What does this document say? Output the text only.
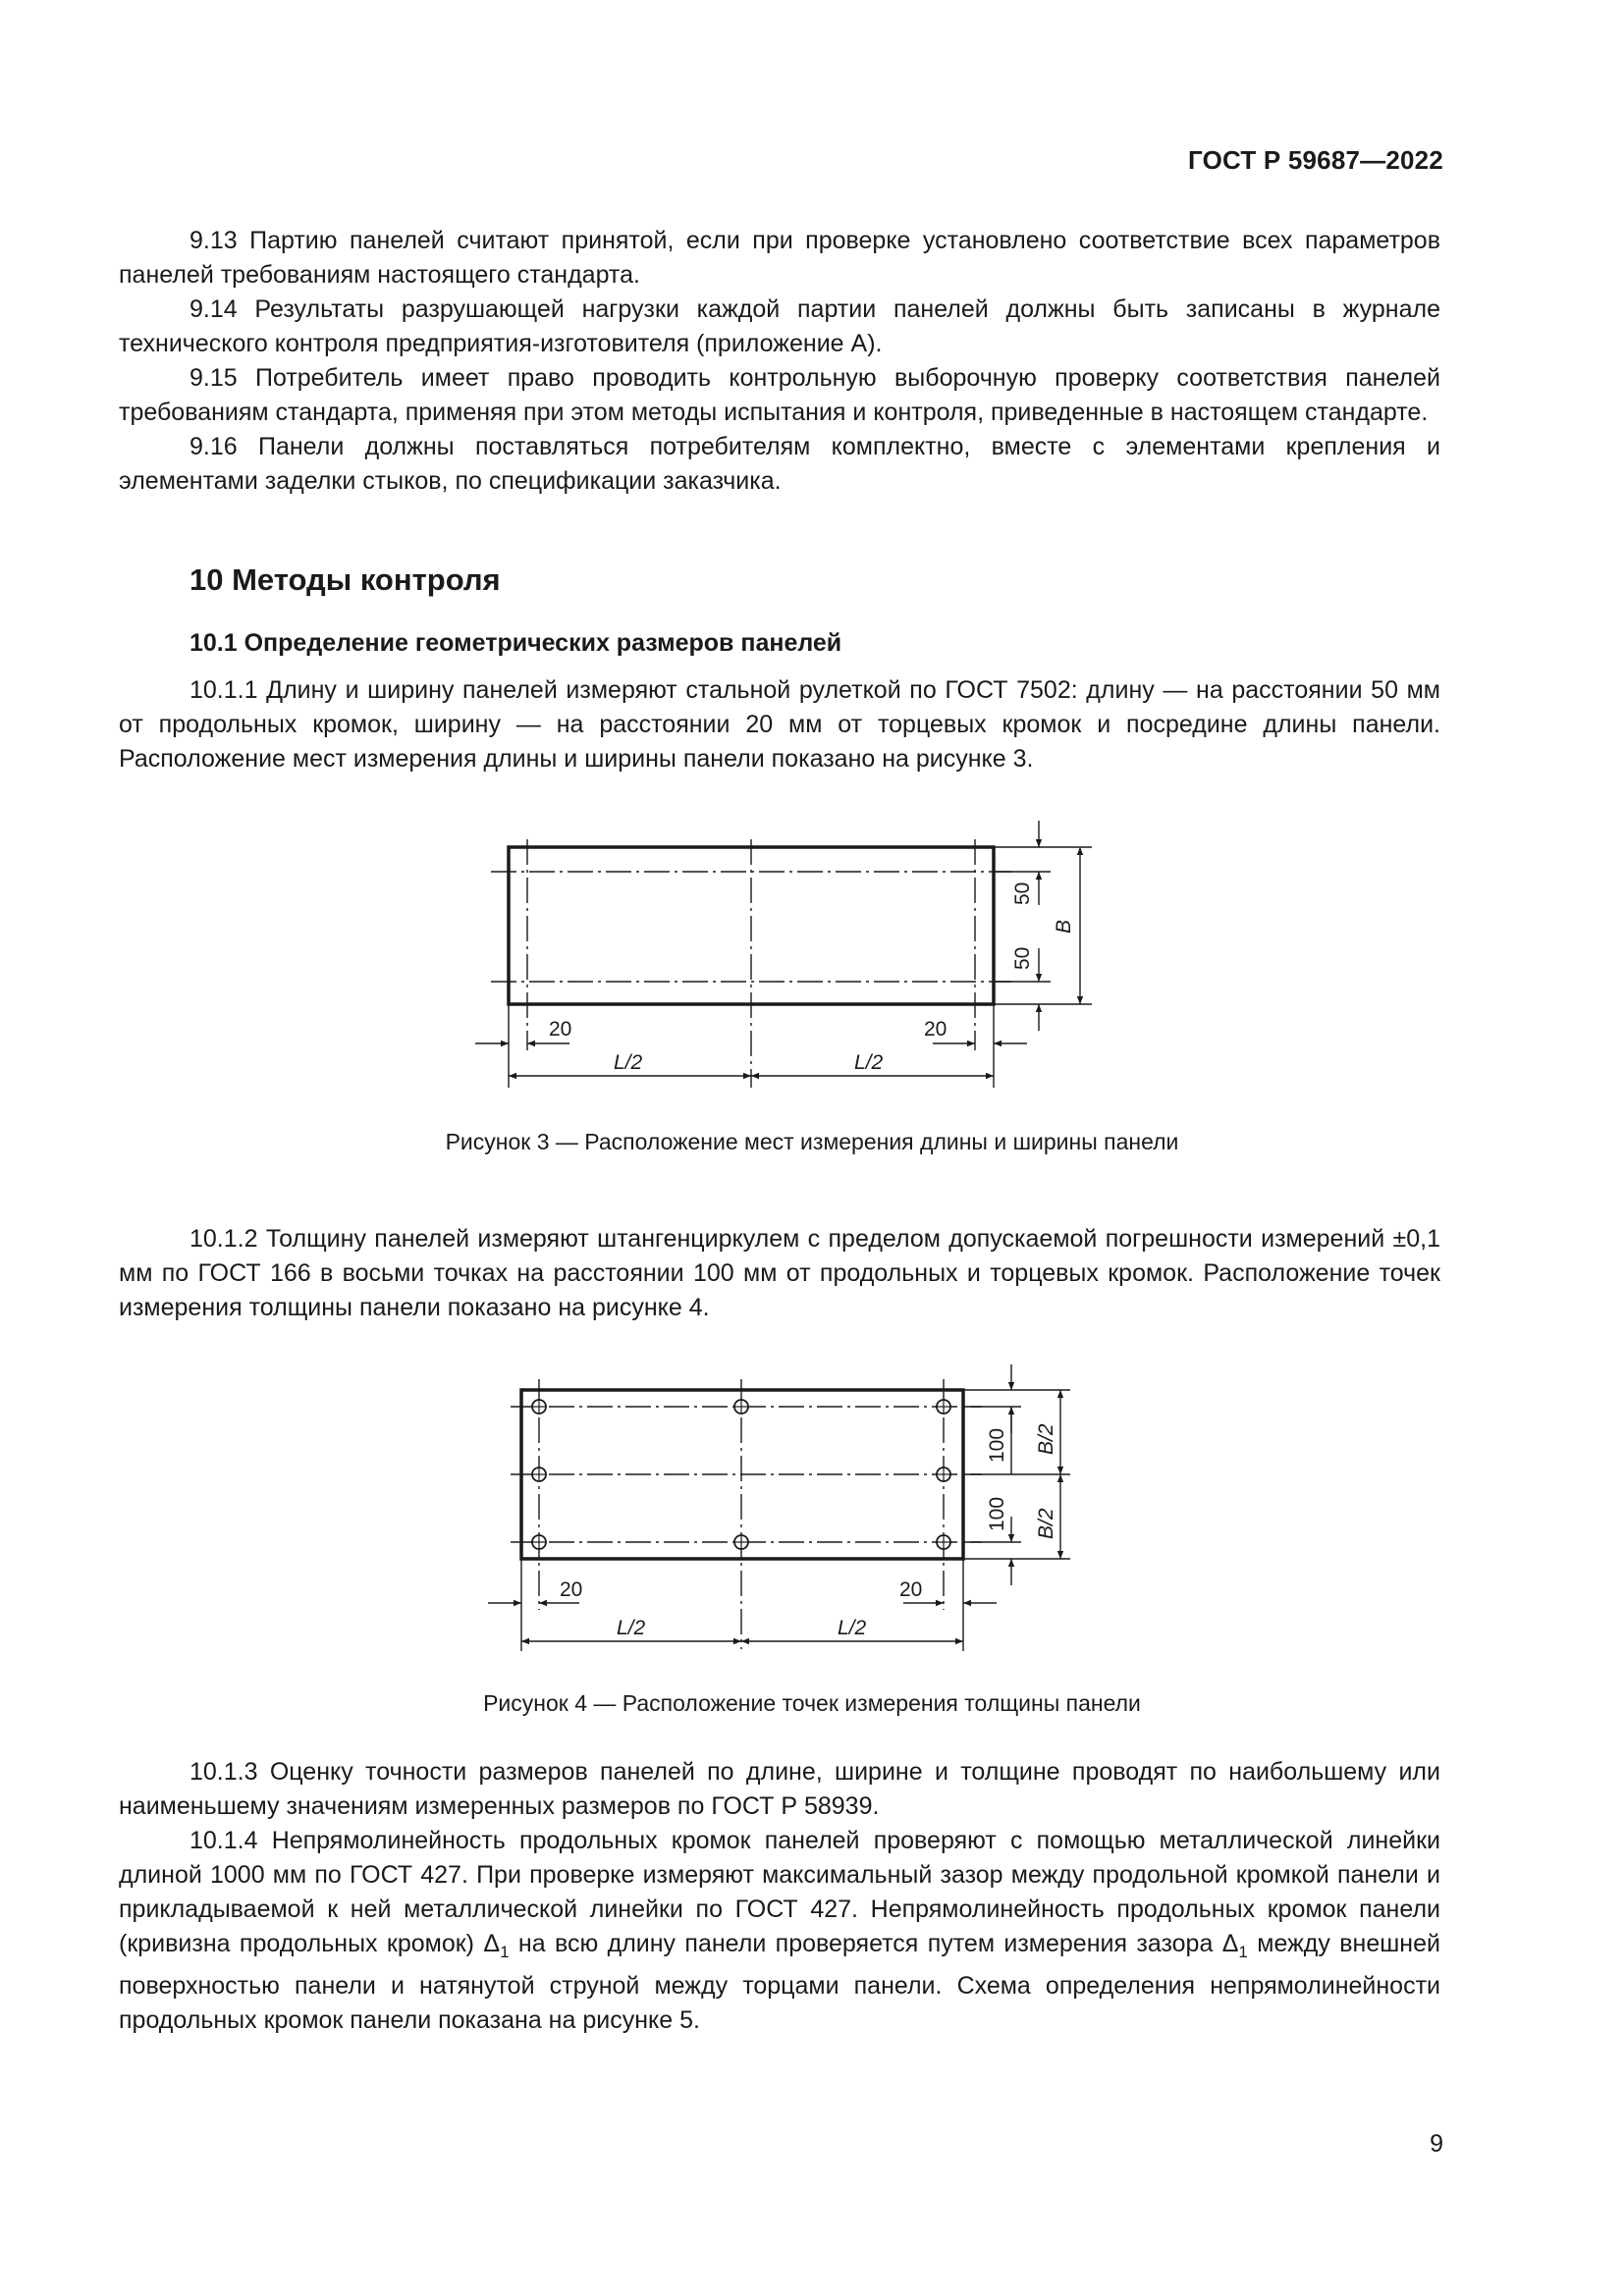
ГОСТ Р 59687—2022

9.13 Партию панелей считают принятой, если при проверке установлено соответствие всех параметров панелей требованиям настоящего стандарта.

9.14 Результаты разрушающей нагрузки каждой партии панелей должны быть записаны в журнале технического контроля предприятия-изготовителя (приложение А).

9.15 Потребитель имеет право проводить контрольную выборочную проверку соответствия панелей требованиям стандарта, применяя при этом методы испытания и контроля, приведенные в настоящем стандарте.

9.16 Панели должны поставляться потребителям комплектно, вместе с элементами крепления и элементами заделки стыков, по спецификации заказчика.

10 Методы контроля
10.1 Определение геометрических размеров панелей

10.1.1 Длину и ширину панелей измеряют стальной рулеткой по ГОСТ 7502: длину — на расстоянии 50 мм от продольных кромок, ширину — на расстоянии 20 мм от торцевых кромок и посредине длины панели. Расположение мест измерения длины и ширины панели показано на рисунке 3.

20	20
L/2	L/2
50
50
B
Рисунок 3 — Расположение мест измерения длины и ширины панели

10.1.2 Толщину панелей измеряют штангенциркулем с пределом допускаемой погрешности измерений ±0,1 мм по ГОСТ 166 в восьми точках на расстоянии 100 мм от продольных и торцевых кромок. Расположение точек измерения толщины панели показано на рисунке 4.

20	20
L/2	L/2
100
100
B/2
B/2
Рисунок 4 — Расположение точек измерения толщины панели

10.1.3 Оценку точности размеров панелей по длине, ширине и толщине проводят по наибольшему или наименьшему значениям измеренных размеров по ГОСТ Р 58939.

10.1.4 Непрямолинейность продольных кромок панелей проверяют с помощью металлической линейки длиной 1000 мм по ГОСТ 427. При проверке измеряют максимальный зазор между продольной кромкой панели и прикладываемой к ней металлической линейки по ГОСТ 427. Непрямолинейность продольных кромок панели (кривизна продольных кромок) $\Delta_1$ на всю длину панели проверяется путем измерения зазора $\Delta_1$ между внешней поверхностью панели и натянутой струной между торцами панели. Схема определения непрямолинейности продольных кромок панели показана на рисунке 5.

9
